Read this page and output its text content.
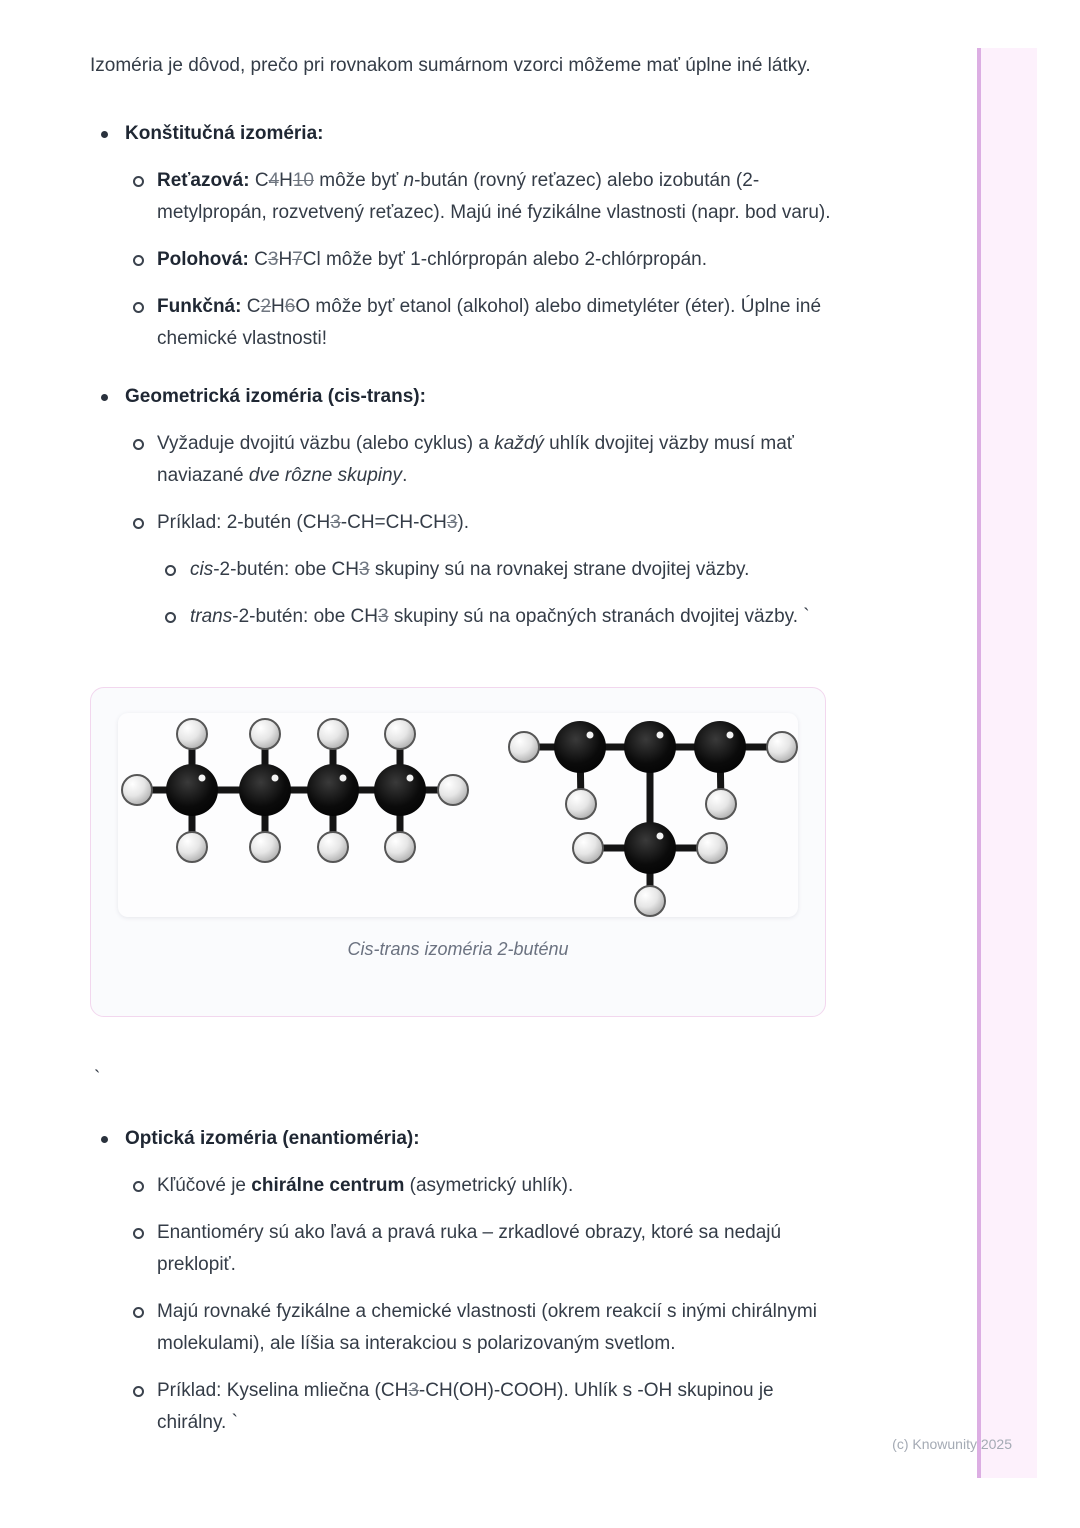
Izoméria je dôvod, prečo pri rovnakom sumárnom vzorci môžeme mať úplne iné látky.

Konštitučná izoméria:
Reťazová: C4H10 môže byť n-bután (rovný reťazec) alebo izobután (2-metylpropán, rozvetvený reťazec). Majú iné fyzikálne vlastnosti (napr. bod varu).
Polohová: C3H7Cl môže byť 1-chlórpropán alebo 2-chlórpropán.
Funkčná: C2H6O môže byť etanol (alkohol) alebo dimetyléter (éter). Úplne iné chemické vlastnosti!
Geometrická izoméria (cis-trans):
Vyžaduje dvojitú väzbu (alebo cyklus) a každý uhlík dvojitej väzby musí mať naviazané dve rôzne skupiny.
Príklad: 2-butén (CH3-CH=CH-CH3).
cis-2-butén: obe CH3 skupiny sú na rovnakej strane dvojitej väzby.
trans-2-butén: obe CH3 skupiny sú na opačných stranách dvojitej väzby. `
Cis-trans izoméria 2-buténu

`

Optická izoméria (enantioméria):
Kľúčové je chirálne centrum (asymetrický uhlík).
Enantioméry sú ako ľavá a pravá ruka – zrkadlové obrazy, ktoré sa nedajú preklopiť.
Majú rovnaké fyzikálne a chemické vlastnosti (okrem reakcií s inými chirálnymi molekulami), ale líšia sa interakciou s polarizovaným svetlom.
Príklad: Kyselina mliečna (CH3-CH(OH)-COOH). Uhlík s -OH skupinou je chirálny. `
(c) Knowunity 2025
